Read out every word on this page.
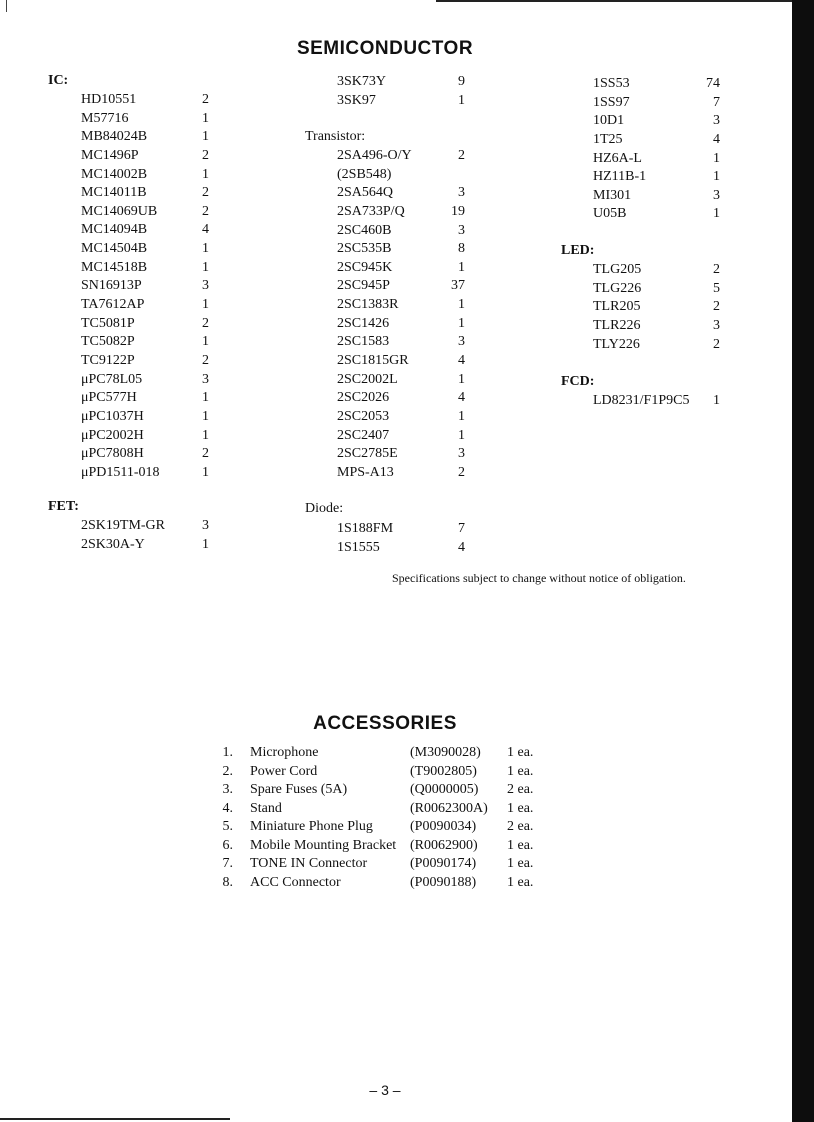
SEMICONDUCTOR
IC:
HD10551	2
M57716	1
MB84024B	1
MC1496P	2
MC14002B	1
MC14011B	2
MC14069UB	2
MC14094B	4
MC14504B	1
MC14518B	1
SN16913P	3
TA7612AP	1
TC5081P	2
TC5082P	1
TC9122P	2
μPC78L05	3
μPC577H	1
μPC1037H	1
μPC2002H	1
μPC7808H	2
μPD1511-018	1
FET:
2SK19TM-GR	3
2SK30A-Y	1
3SK73Y	9
3SK97	1
Transistor:
2SA496-O/Y	2
(2SB548)
2SA564Q	3
2SA733P/Q	19
2SC460B	3
2SC535B	8
2SC945K	1
2SC945P	37
2SC1383R	1
2SC1426	1
2SC1583	3
2SC1815GR	4
2SC2002L	1
2SC2026	4
2SC2053	1
2SC2407	1
2SC2785E	3
MPS-A13	2
Diode:
1S188FM	7
1S1555	4
1SS53	74
1SS97	7
10D1	3
1T25	4
HZ6A-L	1
HZ11B-1	1
MI301	3
U05B	1
LED:
TLG205	2
TLG226	5
TLR205	2
TLR226	3
TLY226	2
FCD:
LD8231/F1P9C5 1
Specifications subject to change without notice of obligation.
ACCESSORIES
1. Microphone	(M3090028) 1 ea.
2. Power Cord	(T9002805) 1 ea.
3. Spare Fuses (5A)	(Q0000005) 2 ea.
4. Stand	(R0062300A) 1 ea.
5. Miniature Phone Plug	(P0090034) 2 ea.
6. Mobile Mounting Bracket (R0062900) 1 ea.
7. TONE IN Connector	(P0090174) 1 ea.
8. ACC Connector	(P0090188) 1 ea.
– 3 –
